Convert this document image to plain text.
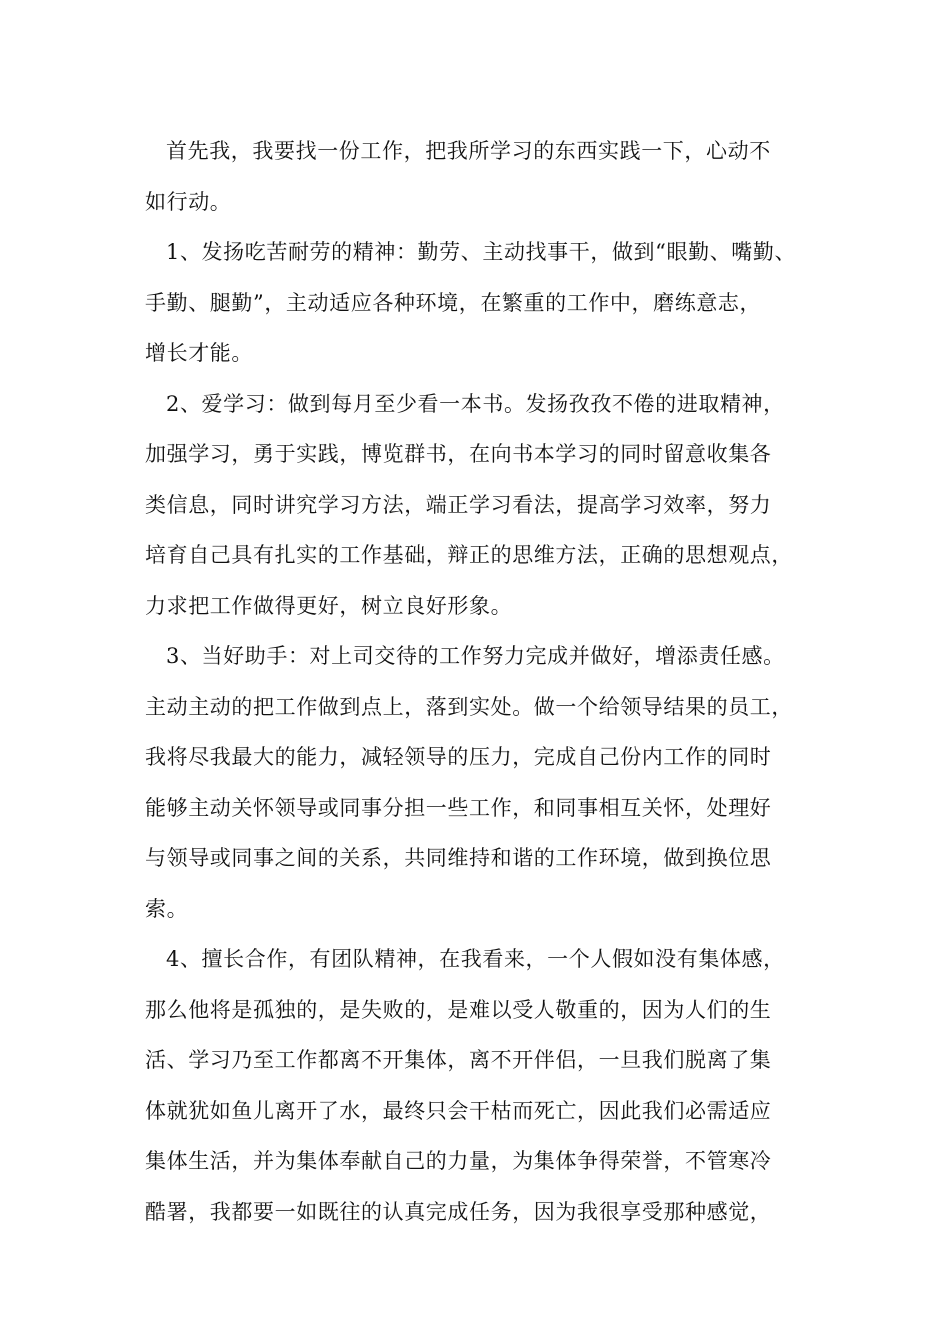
首先我，我要找一份工作，把我所学习的东西实践一下，心动不
如行动。
1、发扬吃苦耐劳的精神：勤劳、主动找事干，做到“眼勤、嘴勤、
手勤、腿勤”，主动适应各种环境，在繁重的工作中，磨练意志，
增长才能。
2、爱学习：做到每月至少看一本书。发扬孜孜不倦的进取精神，
加强学习，勇于实践，博览群书，在向书本学习的同时留意收集各
类信息，同时讲究学习方法，端正学习看法，提高学习效率，努力
培育自己具有扎实的工作基础，辩正的思维方法，正确的思想观点，
力求把工作做得更好，树立良好形象。
3、当好助手：对上司交待的工作努力完成并做好，增添责任感。
主动主动的把工作做到点上，落到实处。做一个给领导结果的员工，
我将尽我最大的能力，减轻领导的压力，完成自己份内工作的同时
能够主动关怀领导或同事分担一些工作，和同事相互关怀，处理好
与领导或同事之间的关系，共同维持和谐的工作环境，做到换位思
索。
4、擅长合作，有团队精神，在我看来，一个人假如没有集体感，
那么他将是孤独的，是失败的，是难以受人敬重的，因为人们的生
活、学习乃至工作都离不开集体，离不开伴侣，一旦我们脱离了集
体就犹如鱼儿离开了水，最终只会干枯而死亡，因此我们必需适应
集体生活，并为集体奉献自己的力量，为集体争得荣誉，不管寒冷
酷署，我都要一如既往的认真完成任务，因为我很享受那种感觉，
